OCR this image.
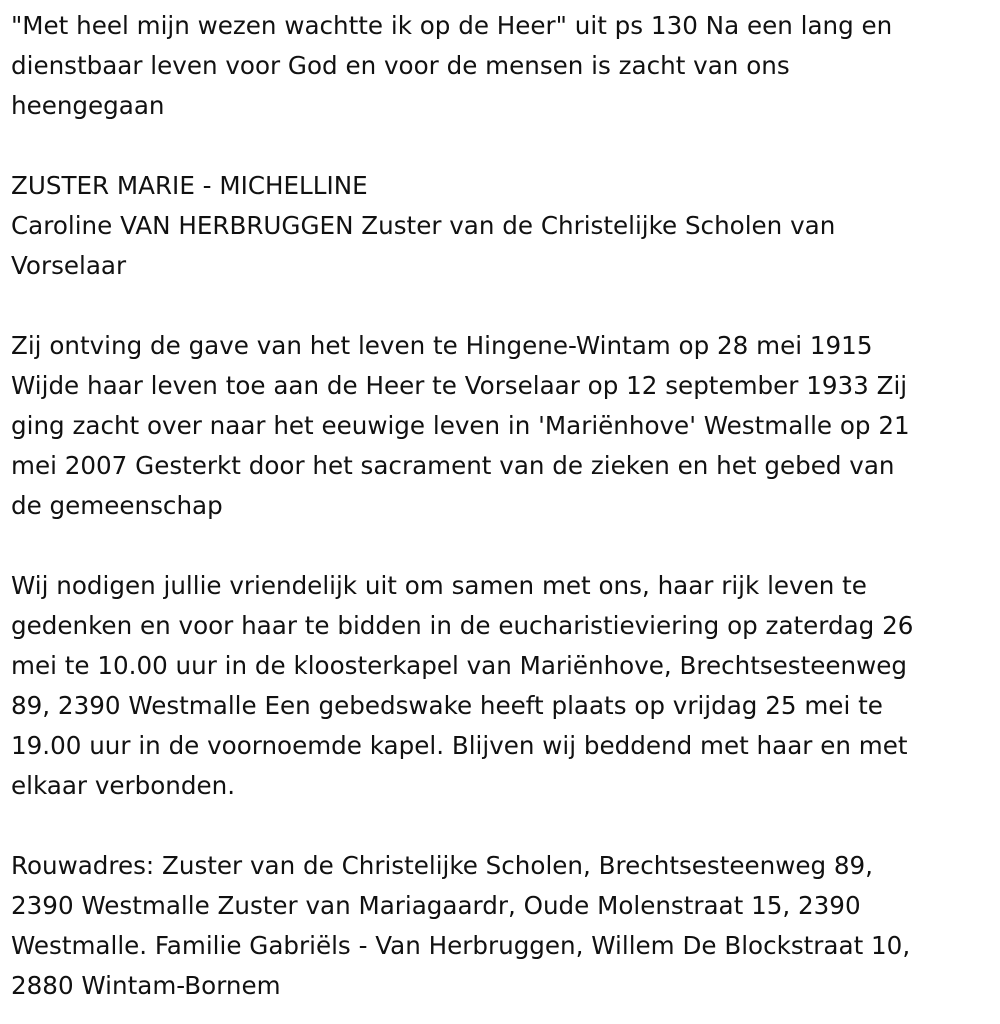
"Met heel mijn wezen wachtte ik op de Heer" uit ps 130 Na een lang en
dienstbaar leven voor God en voor de mensen is zacht van ons
heengegaan

ZUSTER MARIE - MICHELLINE

Caroline VAN HERBRUGGEN Zuster van de Christelijke Scholen van
Vorselaar

Zij ontving de gave van het leven te Hingene-Wintam op 28 mei 1915
Wijde haar leven toe aan de Heer te Vorselaar op 12 september 1933 Zij
ging zacht over naar het eeuwige leven in 'Mariënhove' Westmalle op 21
mei 2007 Gesterkt door het sacrament van de zieken en het gebed van
de gemeenschap

Wij nodigen jullie vriendelijk uit om samen met ons, haar rijk leven te
gedenken en voor haar te bidden in de eucharistieviering op zaterdag 26
mei te 10.00 uur in de kloosterkapel van Mariënhove, Brechtsesteenweg
89, 2390 Westmalle Een gebedswake heeft plaats op vrijdag 25 mei te
19.00 uur in de voornoemde kapel. Blijven wij beddend met haar en met
elkaar verbonden.

Rouwadres: Zuster van de Christelijke Scholen, Brechtsesteenweg 89,
2390 Westmalle Zuster van Mariagaardr, Oude Molenstraat 15, 2390
Westmalle. Familie Gabriëls - Van Herbruggen, Willem De Blockstraat 10,
2880 Wintam-Bornem
